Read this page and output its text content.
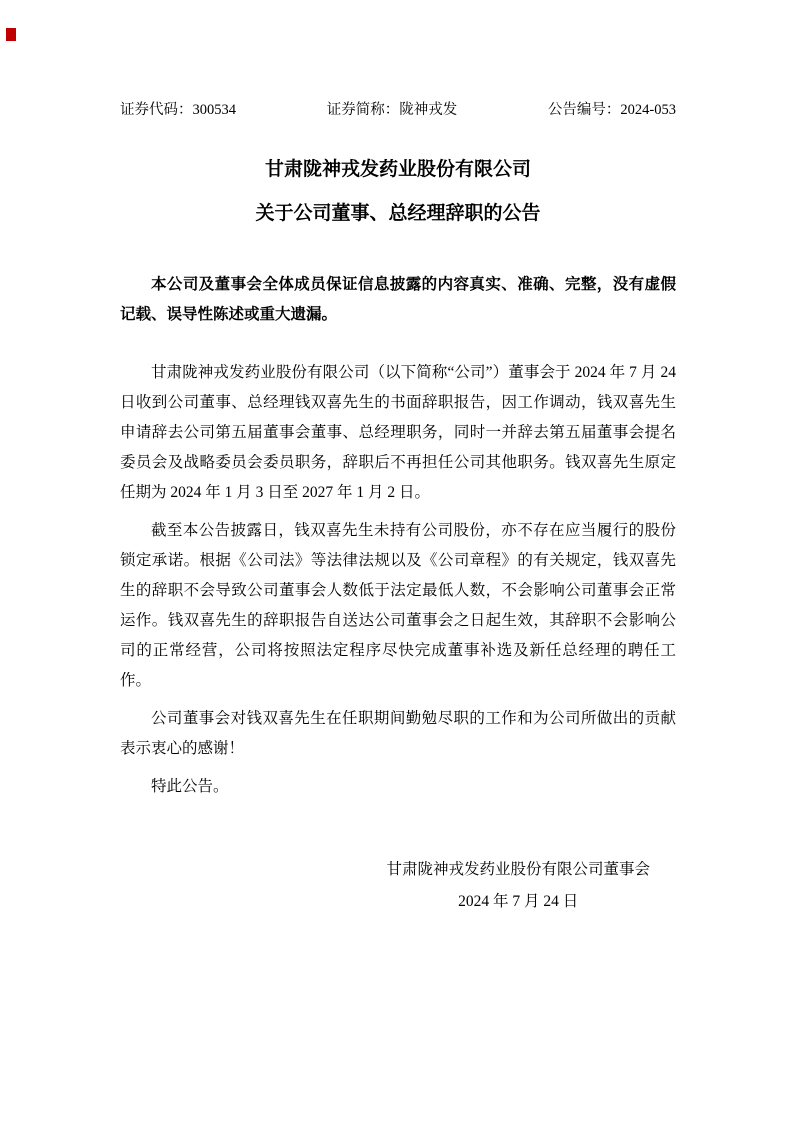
证券代码：300534	证券简称：陇神戎发	公告编号：2024-053
甘肃陇神戎发药业股份有限公司
关于公司董事、总经理辞职的公告

本公司及董事会全体成员保证信息披露的内容真实、准确、完整，没有虚假记载、误导性陈述或重大遗漏。

甘肃陇神戎发药业股份有限公司（以下简称“公司”）董事会于 2024 年 7 月 24 日收到公司董事、总经理钱双喜先生的书面辞职报告，因工作调动，钱双喜先生申请辞去公司第五届董事会董事、总经理职务，同时一并辞去第五届董事会提名委员会及战略委员会委员职务，辞职后不再担任公司其他职务。钱双喜先生原定任期为 2024 年 1 月 3 日至 2027 年 1 月 2 日。

截至本公告披露日，钱双喜先生未持有公司股份，亦不存在应当履行的股份锁定承诺。根据《公司法》等法律法规以及《公司章程》的有关规定，钱双喜先生的辞职不会导致公司董事会人数低于法定最低人数，不会影响公司董事会正常运作。钱双喜先生的辞职报告自送达公司董事会之日起生效，其辞职不会影响公司的正常经营，公司将按照法定程序尽快完成董事补选及新任总经理的聘任工作。

公司董事会对钱双喜先生在任职期间勤勉尽职的工作和为公司所做出的贡献表示衷心的感谢！

特此公告。

甘肃陇神戎发药业股份有限公司董事会
2024 年 7 月 24 日
